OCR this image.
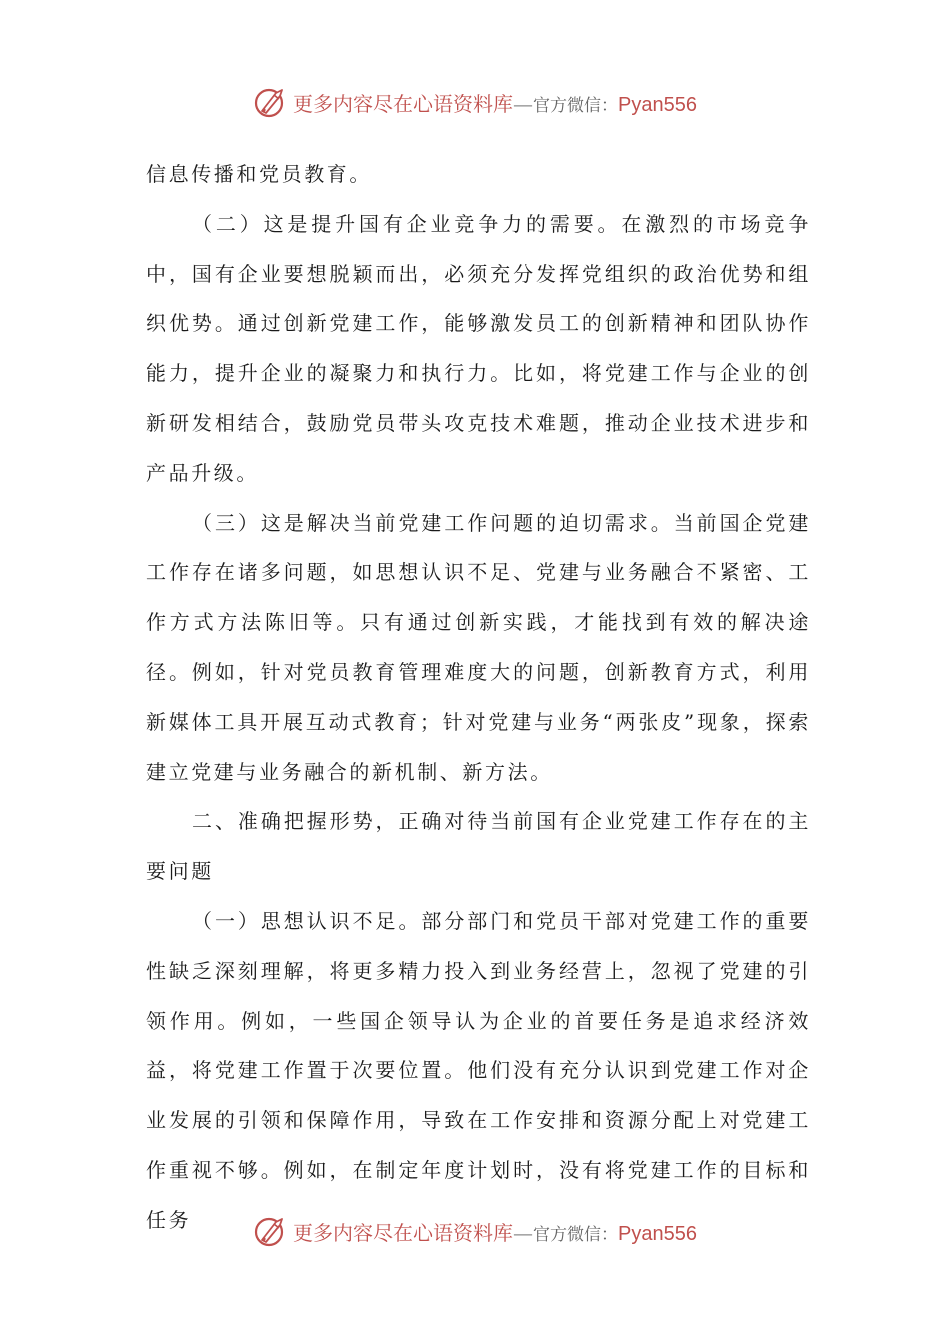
更多内容尽在心语资料库—官方微信：Pyan556

信息传播和党员教育。

（二）这是提升国有企业竞争力的需要。在激烈的市场竞争中，国有企业要想脱颖而出，必须充分发挥党组织的政治优势和组织优势。通过创新党建工作，能够激发员工的创新精神和团队协作能力，提升企业的凝聚力和执行力。比如，将党建工作与企业的创新研发相结合，鼓励党员带头攻克技术难题，推动企业技术进步和产品升级。

（三）这是解决当前党建工作问题的迫切需求。当前国企党建工作存在诸多问题，如思想认识不足、党建与业务融合不紧密、工作方式方法陈旧等。只有通过创新实践，才能找到有效的解决途径。例如，针对党员教育管理难度大的问题，创新教育方式，利用新媒体工具开展互动式教育；针对党建与业务“两张皮”现象，探索建立党建与业务融合的新机制、新方法。

二、准确把握形势，正确对待当前国有企业党建工作存在的主要问题

（一）思想认识不足。部分部门和党员干部对党建工作的重要性缺乏深刻理解，将更多精力投入到业务经营上，忽视了党建的引领作用。例如，一些国企领导认为企业的首要任务是追求经济效益，将党建工作置于次要位置。他们没有充分认识到党建工作对企业发展的引领和保障作用，导致在工作安排和资源分配上对党建工作重视不够。例如，在制定年度计划时，没有将党建工作的目标和任务

更多内容尽在心语资料库—官方微信：Pyan556
